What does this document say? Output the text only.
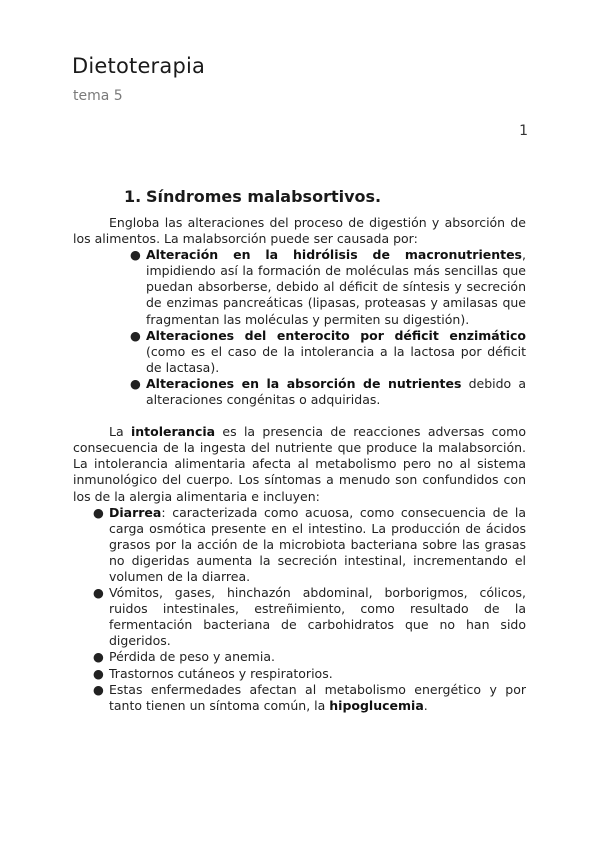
Dietoterapia
tema 5
1
1. Síndromes malabsortivos.

Engloba las alteraciones del proceso de digestión y absorción de los alimentos. La malabsorción puede ser causada por:

● Alteración en la hidrólisis de macronutrientes, impidiendo así la formación de moléculas más sencillas que puedan absorberse, debido al déficit de síntesis y secreción de enzimas pancreáticas (lipasas, proteasas y amilasas que fragmentan las moléculas y permiten su digestión).
● Alteraciones del enterocito por déficit enzimático (como es el caso de la intolerancia a la lactosa por déficit de lactasa).
● Alteraciones en la absorción de nutrientes debido a alteraciones congénitas o adquiridas.

La intolerancia es la presencia de reacciones adversas como consecuencia de la ingesta del nutriente que produce la malabsorción. La intolerancia alimentaria afecta al metabolismo pero no al sistema inmunológico del cuerpo. Los síntomas a menudo son confundidos con los de la alergia alimentaria e incluyen:

● Diarrea: caracterizada como acuosa, como consecuencia de la carga osmótica presente en el intestino. La producción de ácidos grasos por la acción de la microbiota bacteriana sobre las grasas no digeridas aumenta la secreción intestinal, incrementando el volumen de la diarrea.
● Vómitos, gases, hinchazón abdominal, borborigmos, cólicos, ruidos intestinales, estreñimiento, como resultado de la fermentación bacteriana de carbohidratos que no han sido digeridos.
● Pérdida de peso y anemia.
● Trastornos cutáneos y respiratorios.
● Estas enfermedades afectan al metabolismo energético y por tanto tienen un síntoma común, la hipoglucemia.
